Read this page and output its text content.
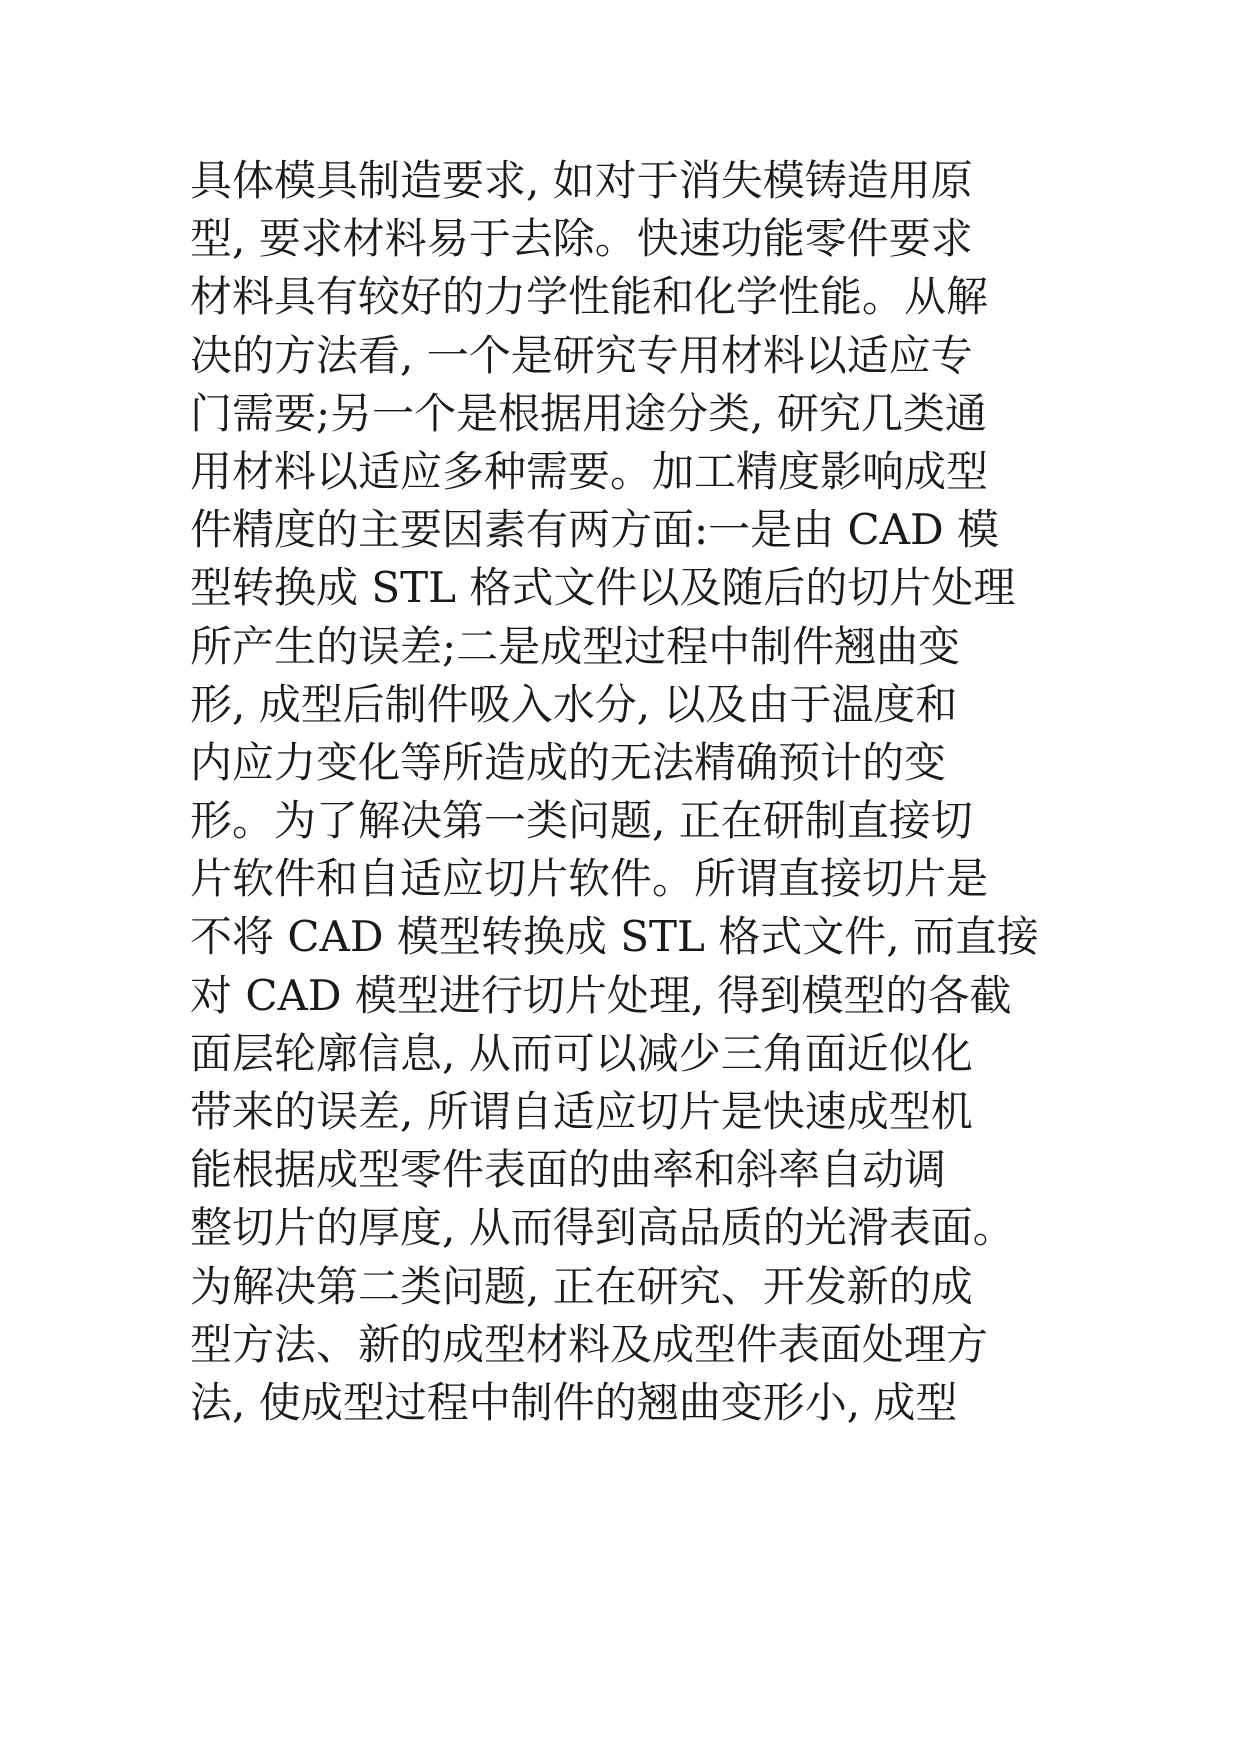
具体模具制造要求, 如对于消失模铸造用原
型, 要求材料易于去除。快速功能零件要求
材料具有较好的力学性能和化学性能。从解
决的方法看, 一个是研究专用材料以适应专
门需要;另一个是根据用途分类, 研究几类通
用材料以适应多种需要。加工精度影响成型
件精度的主要因素有两方面:一是由 CAD 模
型转换成 STL 格式文件以及随后的切片处理
所产生的误差;二是成型过程中制件翘曲变
形, 成型后制件吸入水分, 以及由于温度和
内应力变化等所造成的无法精确预计的变
形。为了解决第一类问题, 正在研制直接切
片软件和自适应切片软件。所谓直接切片是
不将 CAD 模型转换成 STL 格式文件, 而直接
对 CAD 模型进行切片处理, 得到模型的各截
面层轮廓信息, 从而可以减少三角面近似化
带来的误差, 所谓自适应切片是快速成型机
能根据成型零件表面的曲率和斜率自动调
整切片的厚度, 从而得到高品质的光滑表面。
为解决第二类问题, 正在研究、开发新的成
型方法、新的成型材料及成型件表面处理方
法, 使成型过程中制件的翘曲变形小, 成型
